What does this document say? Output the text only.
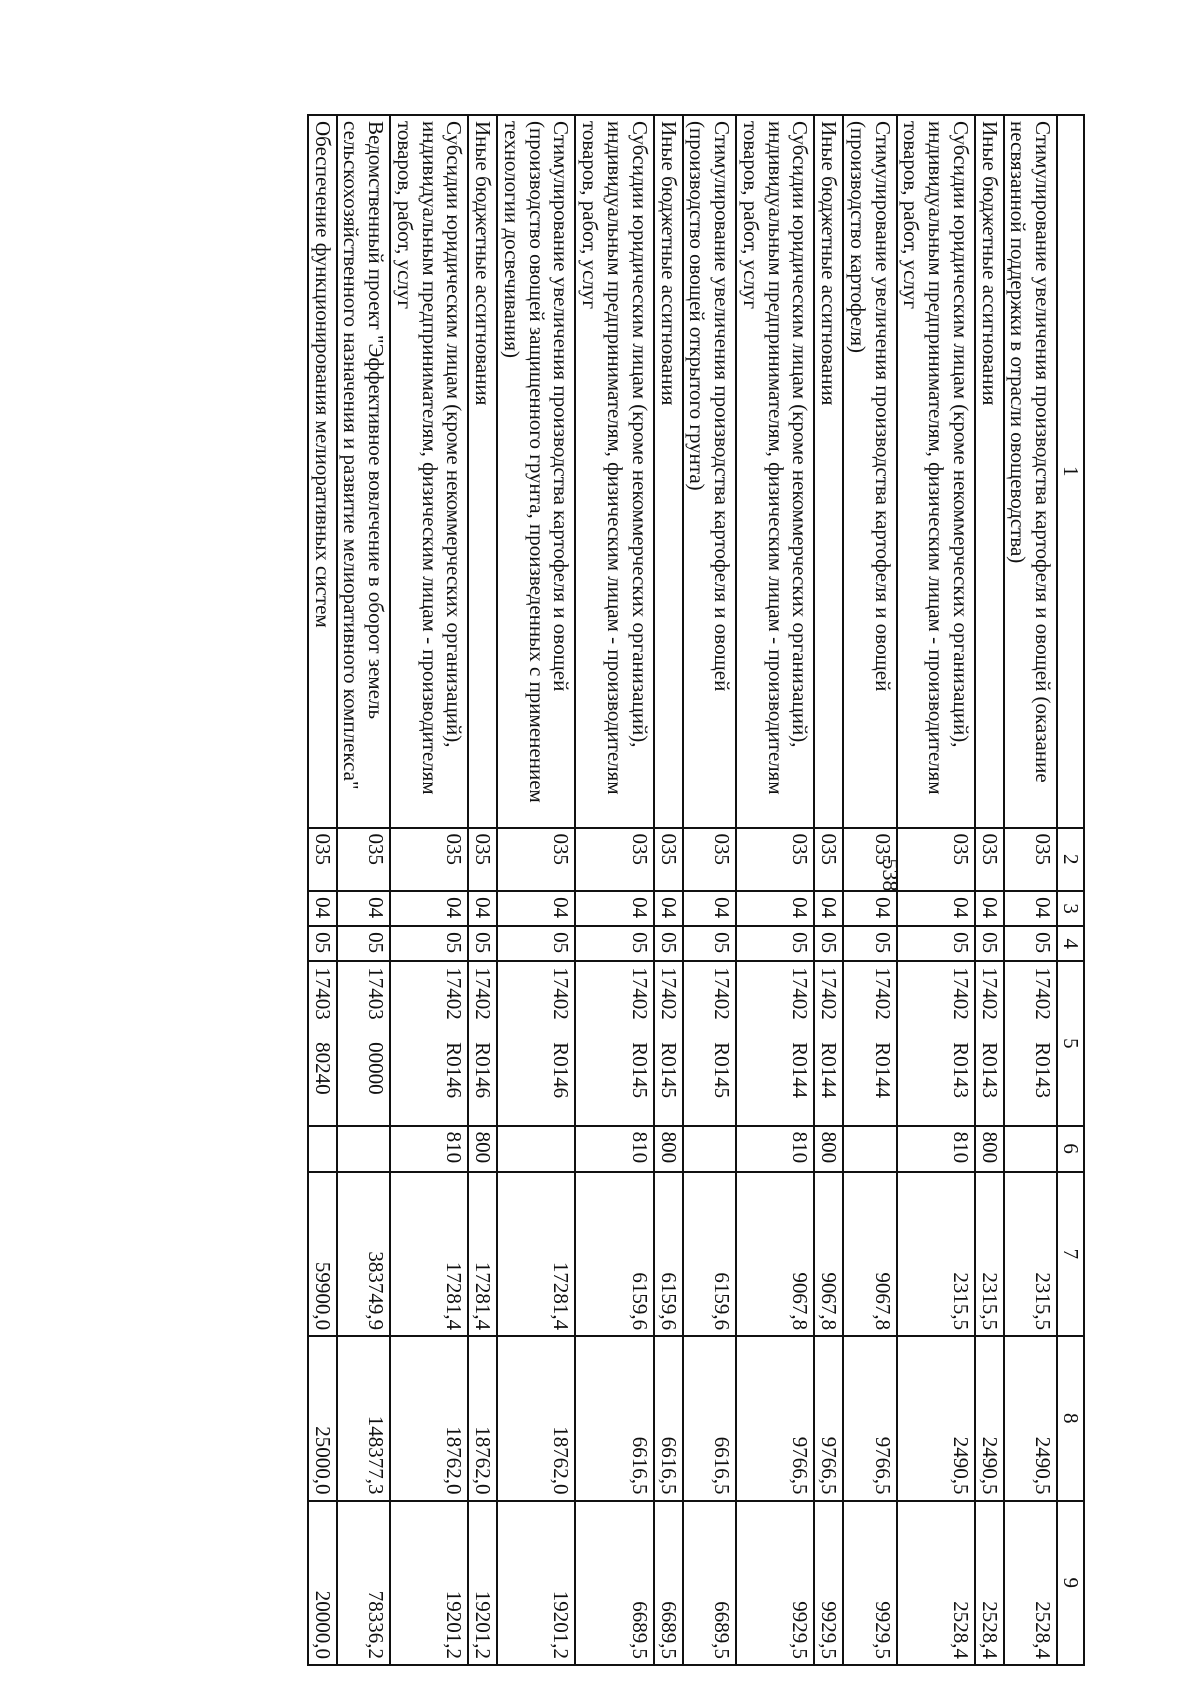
538
1	2	3	4	5		6	7	8	9
Стимулирование увеличения производства картофеля и овощей (оказание несвязанной поддержки в отрасли овощеводства)	035	04	05	17402	R0143		2315,5	2490,5	2528,4
Иные бюджетные ассигнования	035	04	05	17402	R0143	800	2315,5	2490,5	2528,4
Субсидии юридическим лицам (кроме некоммерческих организаций), индивидуальным предпринимателям, физическим лицам - производителям товаров, работ, услуг	035	04	05	17402	R0143	810	2315,5	2490,5	2528,4
Стимулирование увеличения производства картофеля и овощей (производство картофеля)	035	04	05	17402	R0144		9067,8	9766,5	9929,5
Иные бюджетные ассигнования	035	04	05	17402	R0144	800	9067,8	9766,5	9929,5
Субсидии юридическим лицам (кроме некоммерческих организаций), индивидуальным предпринимателям, физическим лицам - производителям товаров, работ, услуг	035	04	05	17402	R0144	810	9067,8	9766,5	9929,5
Стимулирование увеличения производства картофеля и овощей (производство овощей открытого грунта)	035	04	05	17402	R0145		6159,6	6616,5	6689,5
Иные бюджетные ассигнования	035	04	05	17402	R0145	800	6159,6	6616,5	6689,5
Субсидии юридическим лицам (кроме некоммерческих организаций), индивидуальным предпринимателям, физическим лицам - производителям товаров, работ, услуг	035	04	05	17402	R0145	810	6159,6	6616,5	6689,5
Стимулирование увеличения производства картофеля и овощей (производство овощей защищенного грунта, произведенных с применением технологии досвечивания)	035	04	05	17402	R0146		17281,4	18762,0	19201,2
Иные бюджетные ассигнования	035	04	05	17402	R0146	800	17281,4	18762,0	19201,2
Субсидии юридическим лицам (кроме некоммерческих организаций), индивидуальным предпринимателям, физическим лицам - производителям товаров, работ, услуг	035	04	05	17402	R0146	810	17281,4	18762,0	19201,2
Ведомственный проект "Эффективное вовлечение в оборот земель сельскохозяйственного назначения и развитие мелиоративного комплекса"	035	04	05	17403	00000		383749,9	148377,3	78336,2
Обеспечение функционирования мелиоративных систем	035	04	05	17403	80240		59900,0	25000,0	20000,0
